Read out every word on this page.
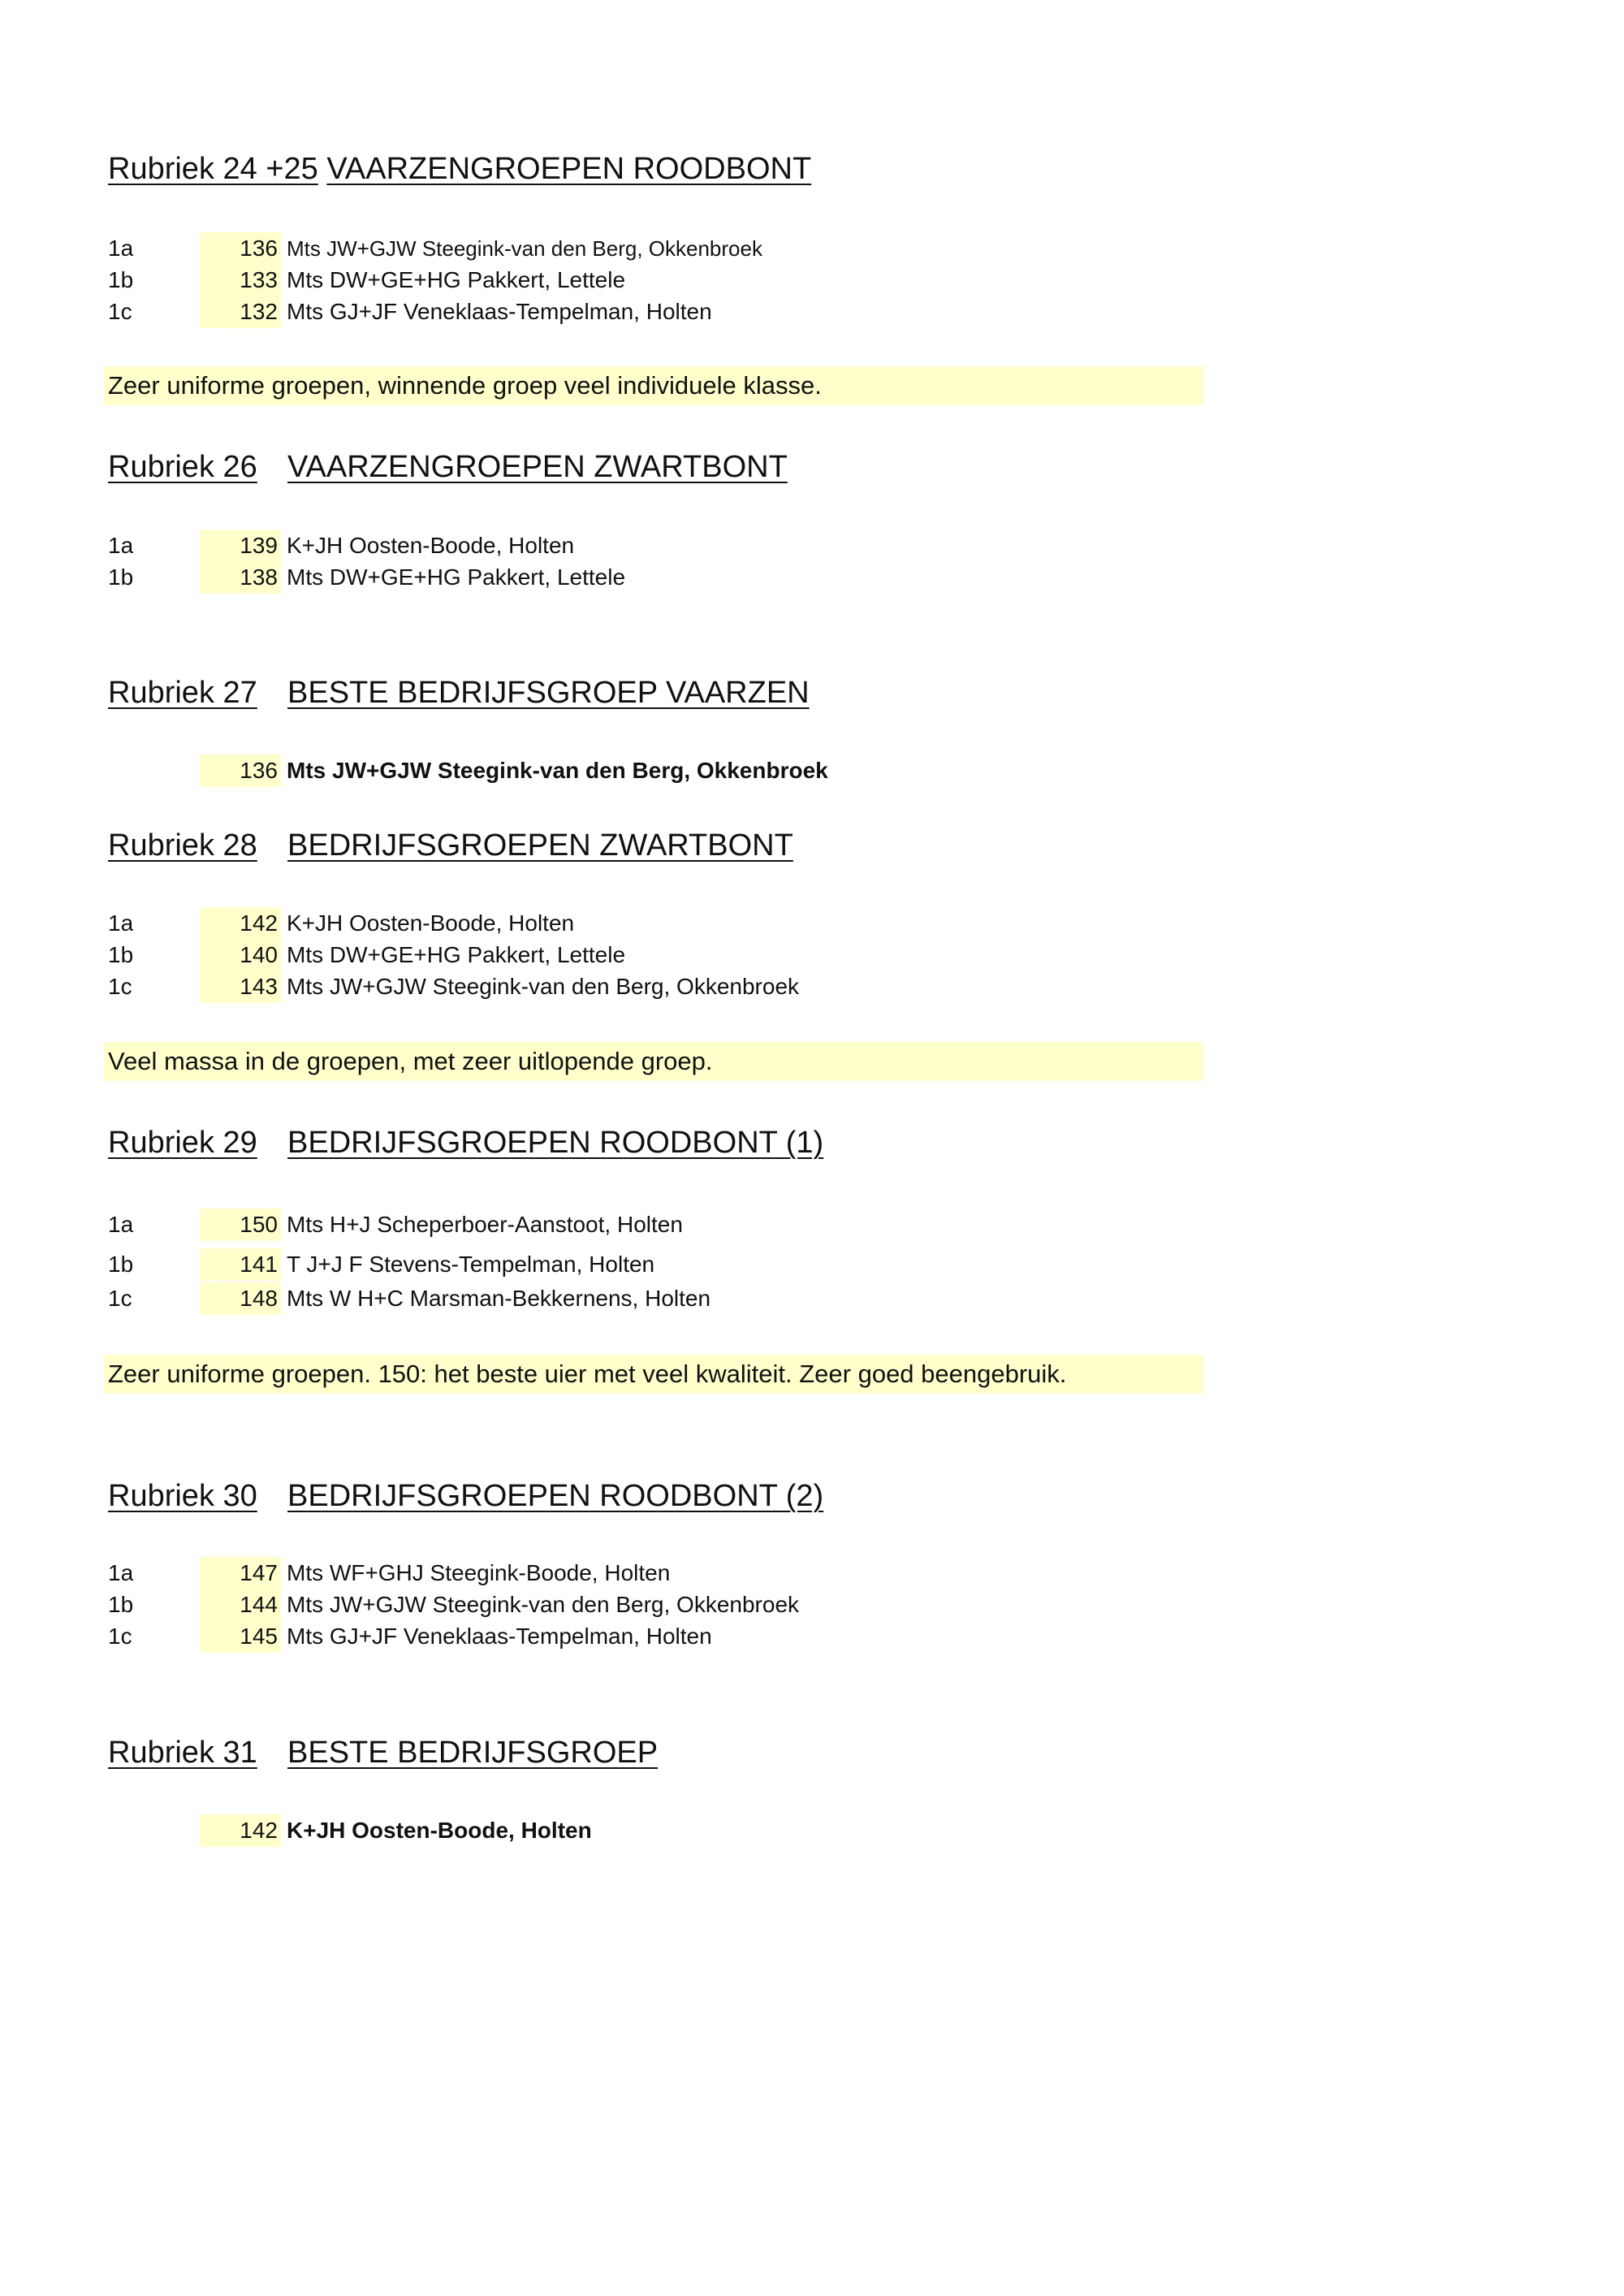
Rubriek 24 +25 VAARZENGROEPEN ROODBONT
1a	136 Mts JW+GJW Steegink-van den Berg, Okkenbroek
1b	133 Mts DW+GE+HG Pakkert, Lettele
1c	132 Mts GJ+JF Veneklaas-Tempelman, Holten
Zeer uniforme groepen, winnende groep veel individuele klasse.
Rubriek 26 VAARZENGROEPEN ZWARTBONT
1a	139 K+JH Oosten-Boode, Holten
1b	138 Mts DW+GE+HG Pakkert, Lettele
Rubriek 27 BESTE BEDRIJFSGROEP VAARZEN
136 Mts JW+GJW Steegink-van den Berg, Okkenbroek
Rubriek 28 BEDRIJFSGROEPEN ZWARTBONT
1a	142 K+JH Oosten-Boode, Holten
1b	140 Mts DW+GE+HG Pakkert, Lettele
1c	143 Mts JW+GJW Steegink-van den Berg, Okkenbroek
Veel massa in de groepen, met zeer uitlopende groep.
Rubriek 29 BEDRIJFSGROEPEN ROODBONT (1)
1a	150 Mts H+J Scheperboer-Aanstoot, Holten
1b	141 T J+J F Stevens-Tempelman, Holten
1c	148 Mts W H+C Marsman-Bekkernens, Holten
Zeer uniforme groepen. 150: het beste uier met veel kwaliteit. Zeer goed beengebruik.
Rubriek 30 BEDRIJFSGROEPEN ROODBONT (2)
1a	147 Mts WF+GHJ Steegink-Boode, Holten
1b	144 Mts JW+GJW Steegink-van den Berg, Okkenbroek
1c	145 Mts GJ+JF Veneklaas-Tempelman, Holten
Rubriek 31 BESTE BEDRIJFSGROEP
142 K+JH Oosten-Boode, Holten
